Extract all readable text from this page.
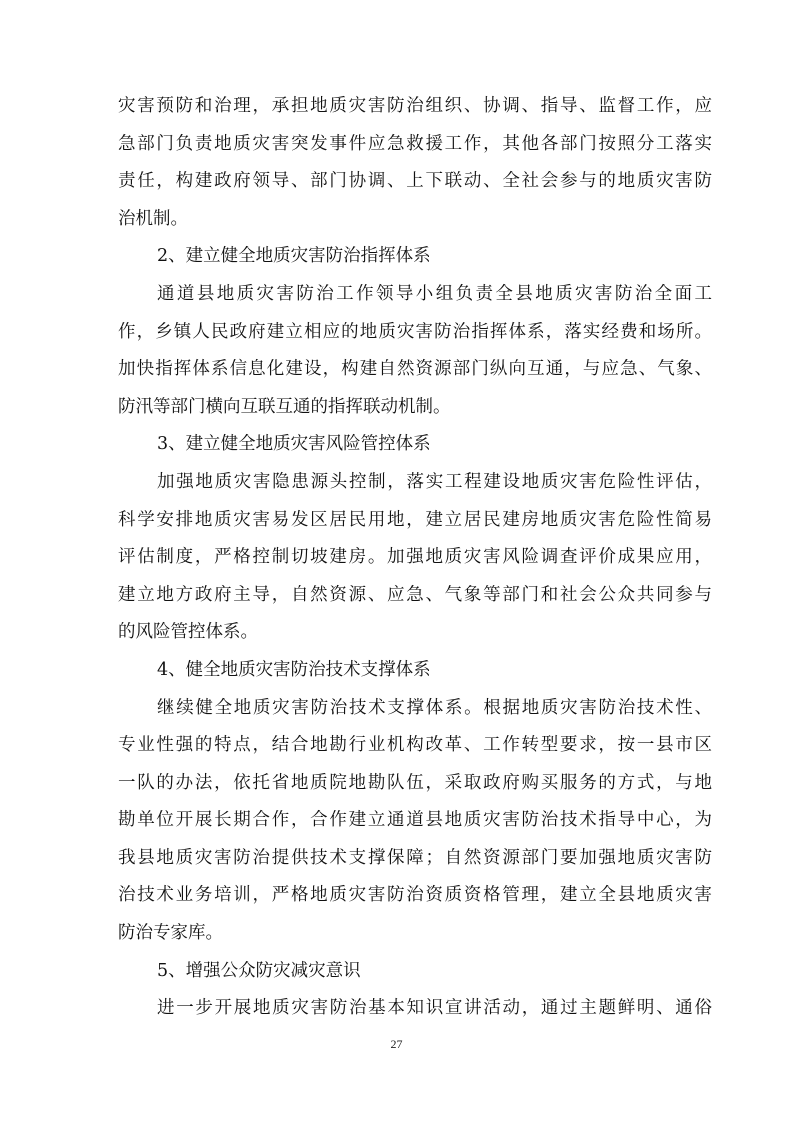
灾害预防和治理，承担地质灾害防治组织、协调、指导、监督工作，应
急部门负责地质灾害突发事件应急救援工作，其他各部门按照分工落实
责任，构建政府领导、部门协调、上下联动、全社会参与的地质灾害防
治机制。
2、建立健全地质灾害防治指挥体系
通道县地质灾害防治工作领导小组负责全县地质灾害防治全面工
作，乡镇人民政府建立相应的地质灾害防治指挥体系，落实经费和场所。
加快指挥体系信息化建设，构建自然资源部门纵向互通，与应急、气象、
防汛等部门横向互联互通的指挥联动机制。
3、建立健全地质灾害风险管控体系
加强地质灾害隐患源头控制，落实工程建设地质灾害危险性评估，
科学安排地质灾害易发区居民用地，建立居民建房地质灾害危险性简易
评估制度，严格控制切坡建房。加强地质灾害风险调查评价成果应用，
建立地方政府主导，自然资源、应急、气象等部门和社会公众共同参与
的风险管控体系。
4、健全地质灾害防治技术支撑体系
继续健全地质灾害防治技术支撑体系。根据地质灾害防治技术性、
专业性强的特点，结合地勘行业机构改革、工作转型要求，按一县市区
一队的办法，依托省地质院地勘队伍，采取政府购买服务的方式，与地
勘单位开展长期合作，合作建立通道县地质灾害防治技术指导中心，为
我县地质灾害防治提供技术支撑保障；自然资源部门要加强地质灾害防
治技术业务培训，严格地质灾害防治资质资格管理，建立全县地质灾害
防治专家库。
5、增强公众防灾减灾意识
进一步开展地质灾害防治基本知识宣讲活动，通过主题鲜明、通俗
27
